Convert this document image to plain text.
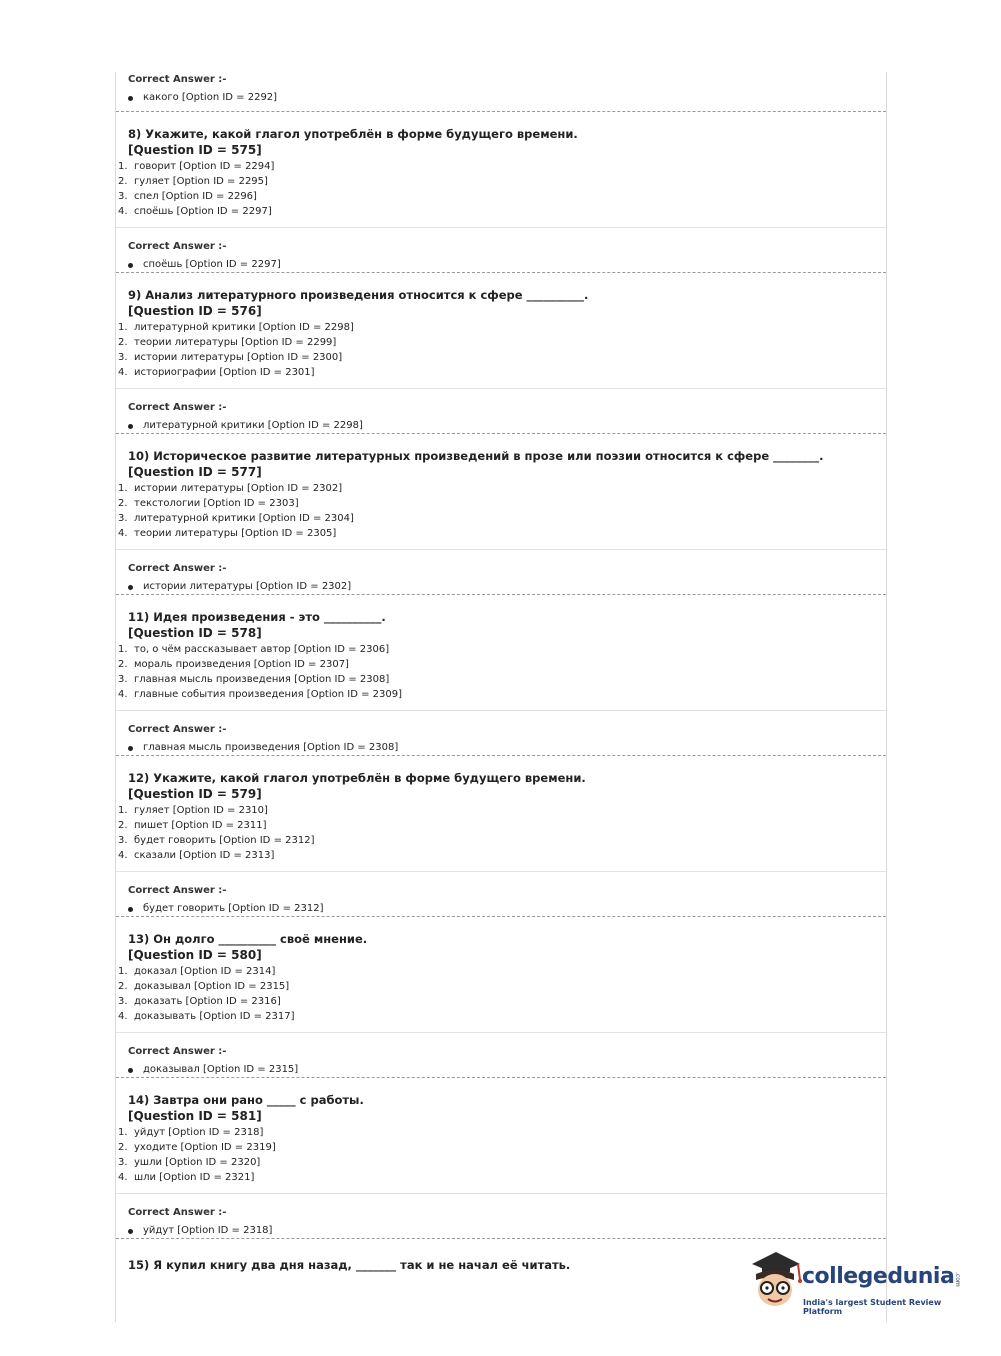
Correct Answer :-
какого [Option ID = 2292]
8) Укажите, какой глагол употреблён в форме будущего времени.
[Question ID = 575]
1. говорит [Option ID = 2294]
2. гуляет [Option ID = 2295]
3. спел [Option ID = 2296]
4. споёшь [Option ID = 2297]
Correct Answer :-
споёшь [Option ID = 2297]
9) Анализ литературного произведения относится к сфере __________.
[Question ID = 576]
1. литературной критики [Option ID = 2298]
2. теории литературы [Option ID = 2299]
3. истории литературы [Option ID = 2300]
4. историографии [Option ID = 2301]
Correct Answer :-
литературной критики [Option ID = 2298]
10) Историческое развитие литературных произведений в прозе или поэзии относится к сфере ________.
[Question ID = 577]
1. истории литературы [Option ID = 2302]
2. текстологии [Option ID = 2303]
3. литературной критики [Option ID = 2304]
4. теории литературы [Option ID = 2305]
Correct Answer :-
истории литературы [Option ID = 2302]
11) Идея произведения - это __________.
[Question ID = 578]
1. то, о чём рассказывает автор [Option ID = 2306]
2. мораль произведения [Option ID = 2307]
3. главная мысль произведения [Option ID = 2308]
4. главные события произведения [Option ID = 2309]
Correct Answer :-
главная мысль произведения [Option ID = 2308]
12) Укажите, какой глагол употреблён в форме будущего времени.
[Question ID = 579]
1. гуляет [Option ID = 2310]
2. пишет [Option ID = 2311]
3. будет говорить [Option ID = 2312]
4. сказали [Option ID = 2313]
Correct Answer :-
будет говорить [Option ID = 2312]
13) Он долго __________ своё мнение.
[Question ID = 580]
1. доказал [Option ID = 2314]
2. доказывал [Option ID = 2315]
3. доказать [Option ID = 2316]
4. доказывать [Option ID = 2317]
Correct Answer :-
доказывал [Option ID = 2315]
14) Завтра они рано _____ с работы.
[Question ID = 581]
1. уйдут [Option ID = 2318]
2. уходите [Option ID = 2319]
3. ушли [Option ID = 2320]
4. шли [Option ID = 2321]
Correct Answer :-
уйдут [Option ID = 2318]
15) Я купил книгу два дня назад, _______ так и не начал её читать.	collegedunia .com
India's largest Student Review Platform
